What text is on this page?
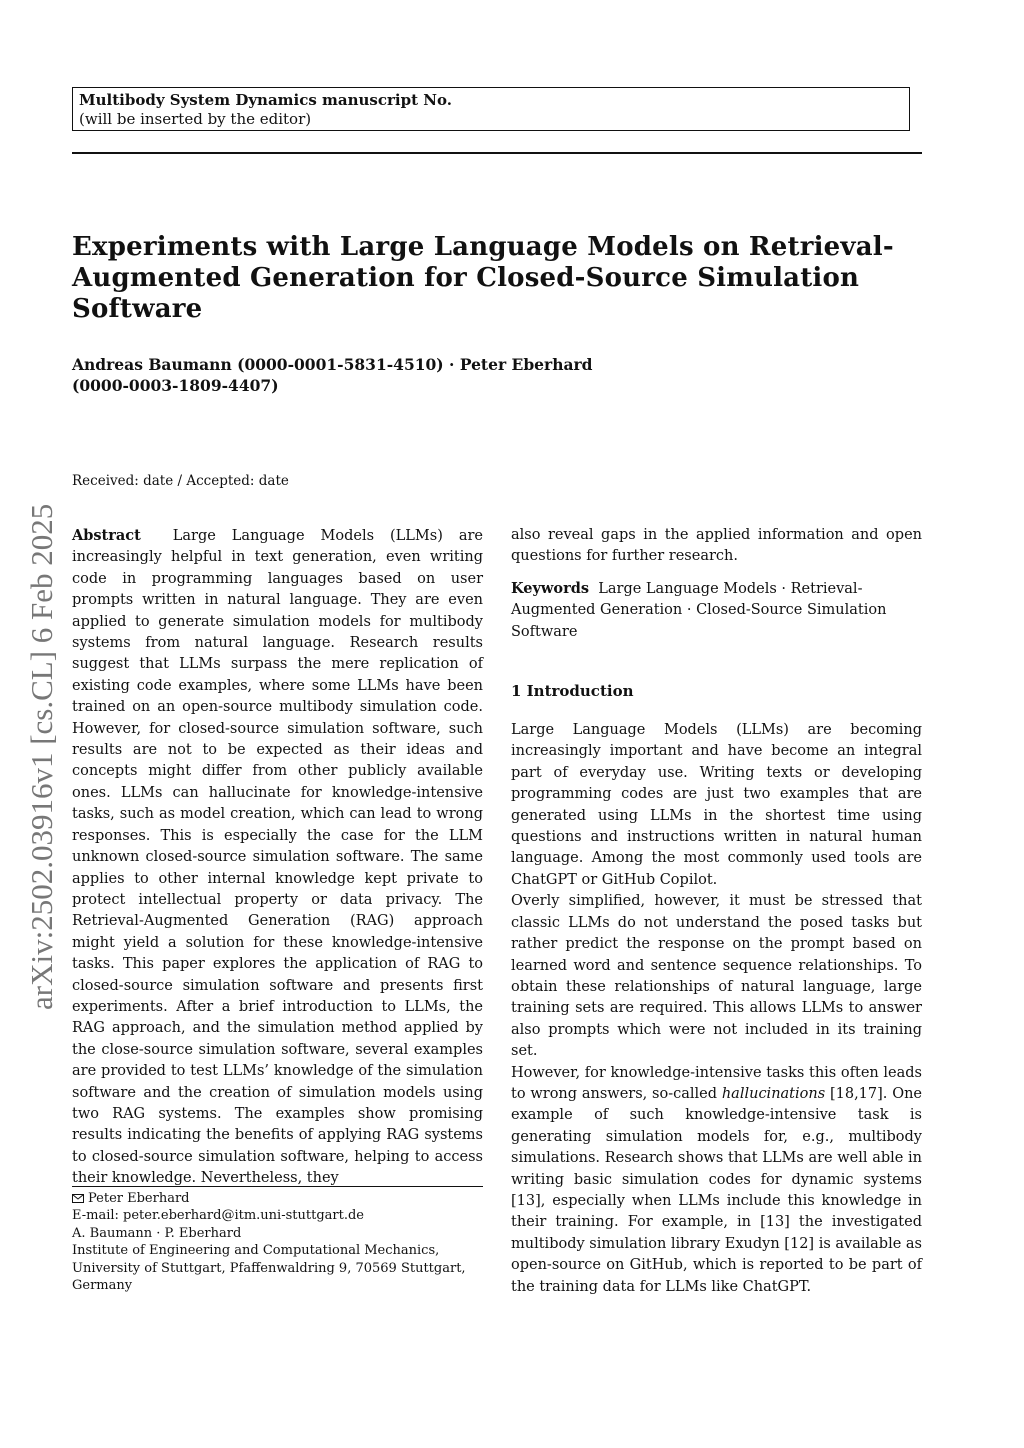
Multibody System Dynamics manuscript No.
(will be inserted by the editor)
Experiments with Large Language Models on Retrieval-Augmented Generation for Closed-Source Simulation Software
Andreas Baumann (0000-0001-5831-4510) · Peter Eberhard
(0000-0003-1809-4407)
Received: date / Accepted: date
arXiv:2502.03916v1 [cs.CL] 6 Feb 2025 Abstract Large Language Models (LLMs) are increasingly helpful in text generation, even writing code in programming languages based on user prompts written in natural language. They are even applied to generate simulation models for multibody systems from natural language. Research results suggest that LLMs surpass the mere replication of existing code examples, where some LLMs have been trained on an open-source multibody simulation code. However, for closed-source simulation software, such results are not to be expected as their ideas and concepts might differ from other publicly available ones. LLMs can hallucinate for knowledge-intensive tasks, such as model creation, which can lead to wrong responses. This is especially the case for the LLM unknown closed-source simulation software. The same applies to other internal knowledge kept private to protect intellectual property or data privacy. The Retrieval-Augmented Generation (RAG) approach might yield a solution for these knowledge-intensive tasks. This paper explores the application of RAG to closed-source simulation software and presents first experiments. After a brief introduction to LLMs, the RAG approach, and the simulation method applied by the close-source simulation software, several examples are provided to test LLMs’ knowledge of the simulation software and the creation of simulation models using two RAG systems. The examples show promising results indicating the benefits of applying RAG systems to closed-source simulation software, helping to access their knowledge. Nevertheless, they

also reveal gaps in the applied information and open questions for further research.

Keywords Large Language Models · Retrieval-Augmented Generation · Closed-Source Simulation Software

1 Introduction

Large Language Models (LLMs) are becoming increasingly important and have become an integral part of everyday use. Writing texts or developing programming codes are just two examples that are generated using LLMs in the shortest time using questions and instructions written in natural human language. Among the most commonly used tools are ChatGPT or GitHub Copilot.

Overly simplified, however, it must be stressed that classic LLMs do not understand the posed tasks but rather predict the response on the prompt based on learned word and sentence sequence relationships. To obtain these relationships of natural language, large training sets are required. This allows LLMs to answer also prompts which were not included in its training set.

However, for knowledge-intensive tasks this often leads to wrong answers, so-called hallucinations [18,17]. One example of such knowledge-intensive task is generating simulation models for, e.g., multibody simulations. Research shows that LLMs are well able in writing basic simulation codes for dynamic systems [13], especially when LLMs include this knowledge in their training. For example, in [13] the investigated multibody simulation library Exudyn [12] is available as open-source on GitHub, which is reported to be part of the training data for LLMs like ChatGPT.

Peter Eberhard

E-mail: peter.eberhard@itm.uni-stuttgart.de

A. Baumann · P. Eberhard

Institute of Engineering and Computational Mechanics, University of Stuttgart, Pfaffenwaldring 9, 70569 Stuttgart, Germany
